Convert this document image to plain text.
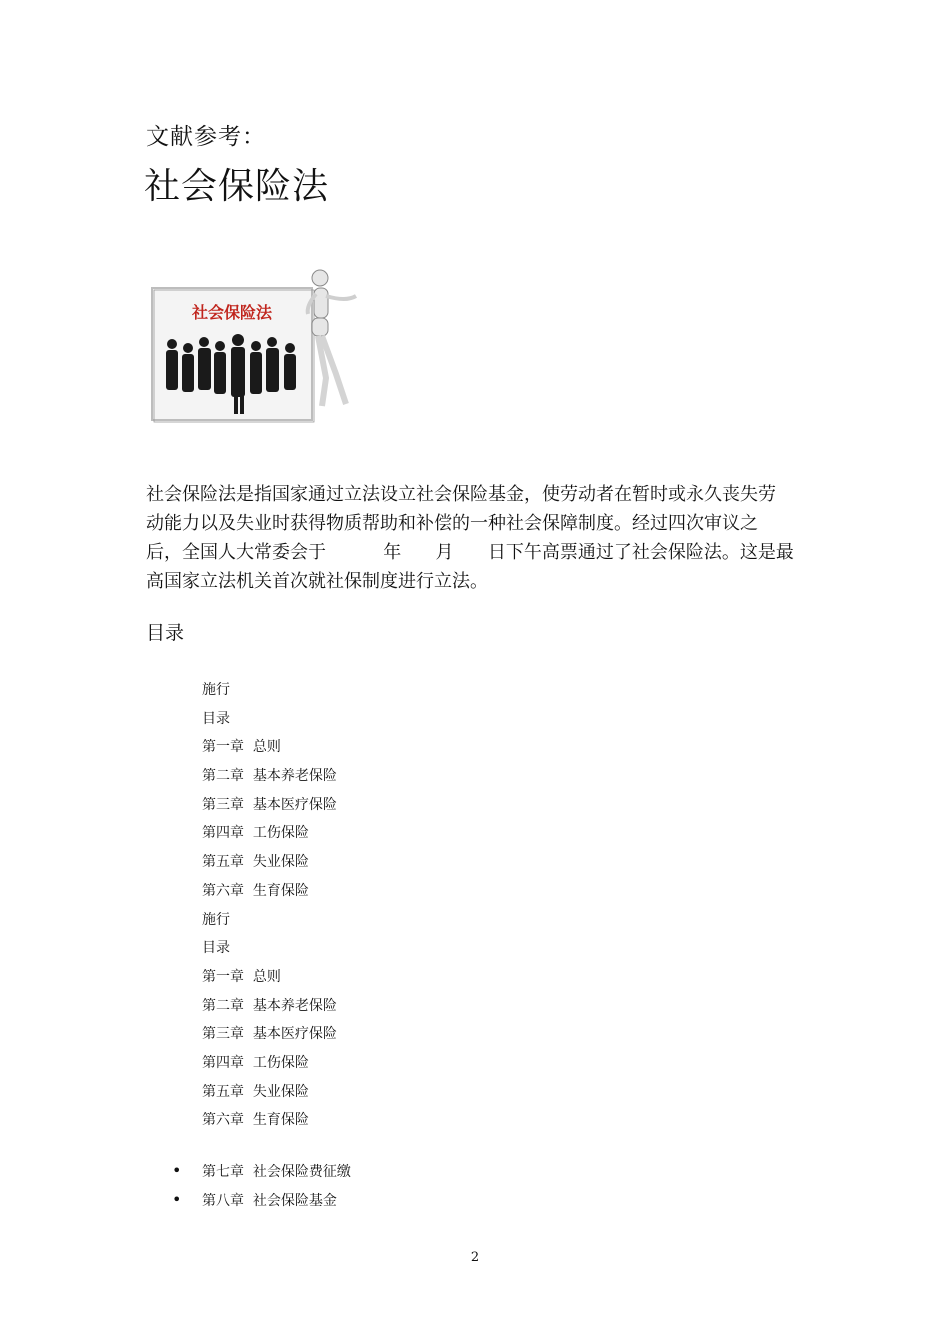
文献参考：
社会保险法
社会保险法

社会保险法是指国家通过立法设立社会保险基金，使劳动者在暂时或永久丧失劳
动能力以及失业时获得物质帮助和补偿的一种社会保障制度。经过四次审议之
后，全国人大常委会于          年      月      日下午高票通过了社会保险法。这是最
高国家立法机关首次就社保制度进行立法。

目录
施行
目录
第一章  总则
第二章  基本养老保险
第三章  基本医疗保险
第四章  工伤保险
第五章  失业保险
第六章  生育保险
施行
目录
第一章  总则
第二章  基本养老保险
第三章  基本医疗保险
第四章  工伤保险
第五章  失业保险
第六章  生育保险
• 第七章  社会保险费征缴
• 第八章  社会保险基金
2
